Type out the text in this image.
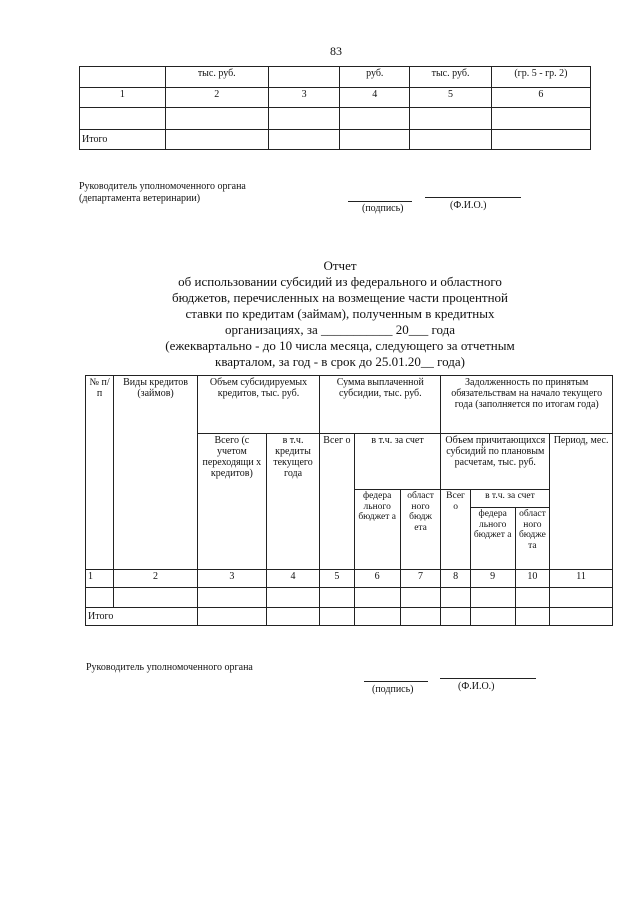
83
	тыс. руб.		руб.	тыс. руб.	(гр. 5 - гр. 2)
1	2	3	4	5	6

Итого					
Руководитель уполномоченного органа
(департамента ветеринарии)
(подпись)	(Ф.И.О.)
Отчет
об использовании субсидий из федерального и областного
бюджетов, перечисленных на возмещение части процентной
ставки по кредитам (займам), полученным в кредитных
организациях, за ___________ 20___ года
(ежеквартально - до 10 числа месяца, следующего за отчетным
кварталом, за год - в срок до 25.01.20__ года)
№ п/п	Виды кредитов (займов)	Объем субсидируемых кредитов, тыс. руб.		Сумма выплаченной субсидии, тыс. руб.			Задолженность по принятым обязательствам на начало текущего года (заполняется по итогам года)			
		Всего (с учетом переходящи х кредитов)	в т.ч. кредиты текущего года	Всег о	в т.ч. за счет		Объем причитающихся субсидий по плановым расчетам, тыс. руб.			Период, мес.
					федера льного бюджет а	област ного бюдж ета	Всег о	в т.ч. за счет		
								федера льного бюджет а	област ного бюдже та	
1	2	3	4	5	6	7	8	9	10	11

Итого										
Руководитель уполномоченного органа
(подпись)	(Ф.И.О.)
